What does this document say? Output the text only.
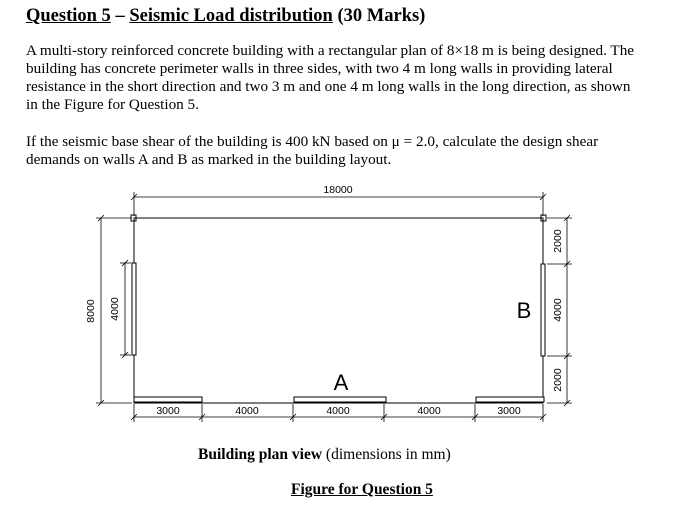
Question 5 – Seismic Load distribution (30 Marks)

A multi-story reinforced concrete building with a rectangular plan of 8×18 m is being designed. The building has concrete perimeter walls in three sides, with two 4 m long walls in providing lateral resistance in the short direction and two 3 m and one 4 m long walls in the long direction, as shown in the Figure for Question 5.

If the seismic base shear of the building is 400 kN based on μ = 2.0, calculate the design shear demands on walls A and B as marked in the building layout.

18000
8000 4000
3000	4000	4000	4000	3000
2000
4000
2000
A
B
Building plan view (dimensions in mm)
Figure for Question 5
